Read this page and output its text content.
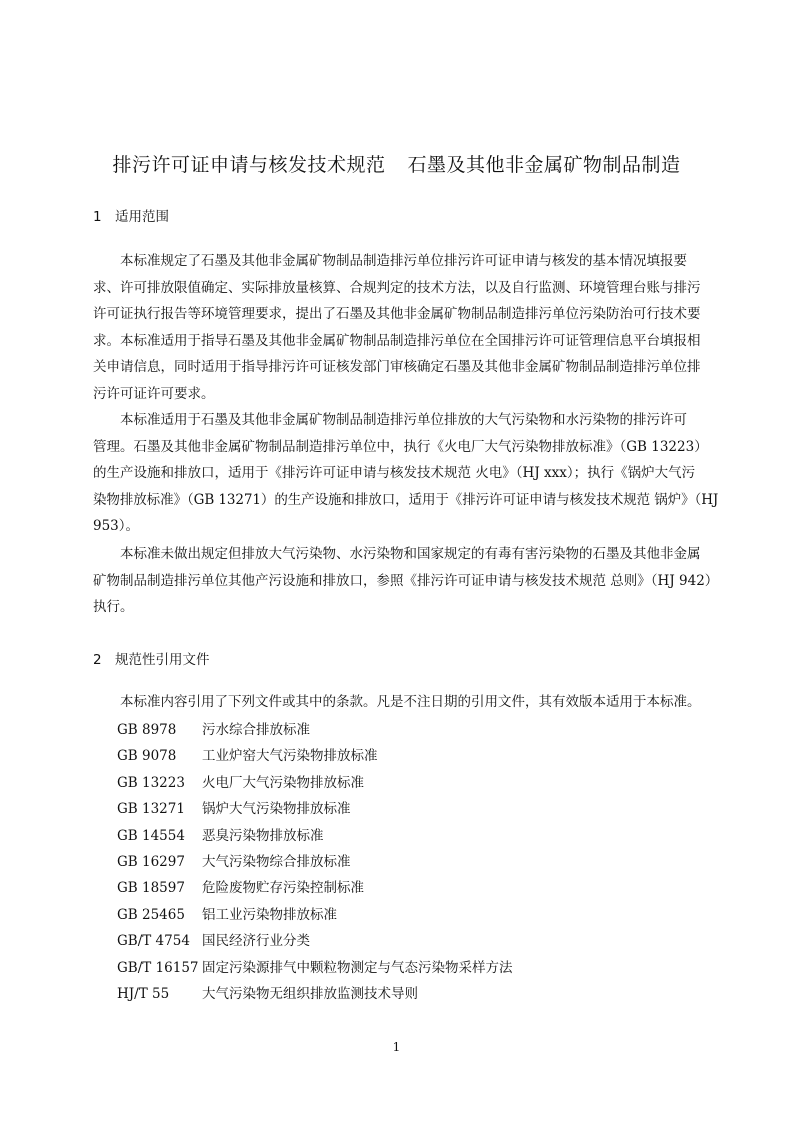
排污许可证申请与核发技术规范 石墨及其他非金属矿物制品制造
1 适用范围
本标准规定了石墨及其他非金属矿物制品制造排污单位排污许可证申请与核发的基本情况填报要
求、许可排放限值确定、实际排放量核算、合规判定的技术方法，以及自行监测、环境管理台账与排污
许可证执行报告等环境管理要求，提出了石墨及其他非金属矿物制品制造排污单位污染防治可行技术要
求。本标准适用于指导石墨及其他非金属矿物制品制造排污单位在全国排污许可证管理信息平台填报相
关申请信息，同时适用于指导排污许可证核发部门审核确定石墨及其他非金属矿物制品制造排污单位排
污许可证许可要求。
本标准适用于石墨及其他非金属矿物制品制造排污单位排放的大气污染物和水污染物的排污许可
管理。石墨及其他非金属矿物制品制造排污单位中，执行《火电厂大气污染物排放标准》（GB 13223）
的生产设施和排放口，适用于《排污许可证申请与核发技术规范 火电》（HJ xxx）；执行《锅炉大气污
染物排放标准》（GB 13271）的生产设施和排放口，适用于《排污许可证申请与核发技术规范 锅炉》（HJ
953）。
本标准未做出规定但排放大气污染物、水污染物和国家规定的有毒有害污染物的石墨及其他非金属
矿物制品制造排污单位其他产污设施和排放口，参照《排污许可证申请与核发技术规范 总则》（HJ 942）
执行。
2 规范性引用文件
本标准内容引用了下列文件或其中的条款。凡是不注日期的引用文件，其有效版本适用于本标准。
GB 8978 污水综合排放标准
GB 9078 工业炉窑大气污染物排放标准
GB 13223 火电厂大气污染物排放标准
GB 13271 锅炉大气污染物排放标准
GB 14554 恶臭污染物排放标准
GB 16297 大气污染物综合排放标准
GB 18597 危险废物贮存污染控制标准
GB 25465 铝工业污染物排放标准
GB/T 4754 国民经济行业分类
GB/T 16157 固定污染源排气中颗粒物测定与气态污染物采样方法
HJ/T 55 大气污染物无组织排放监测技术导则
1
